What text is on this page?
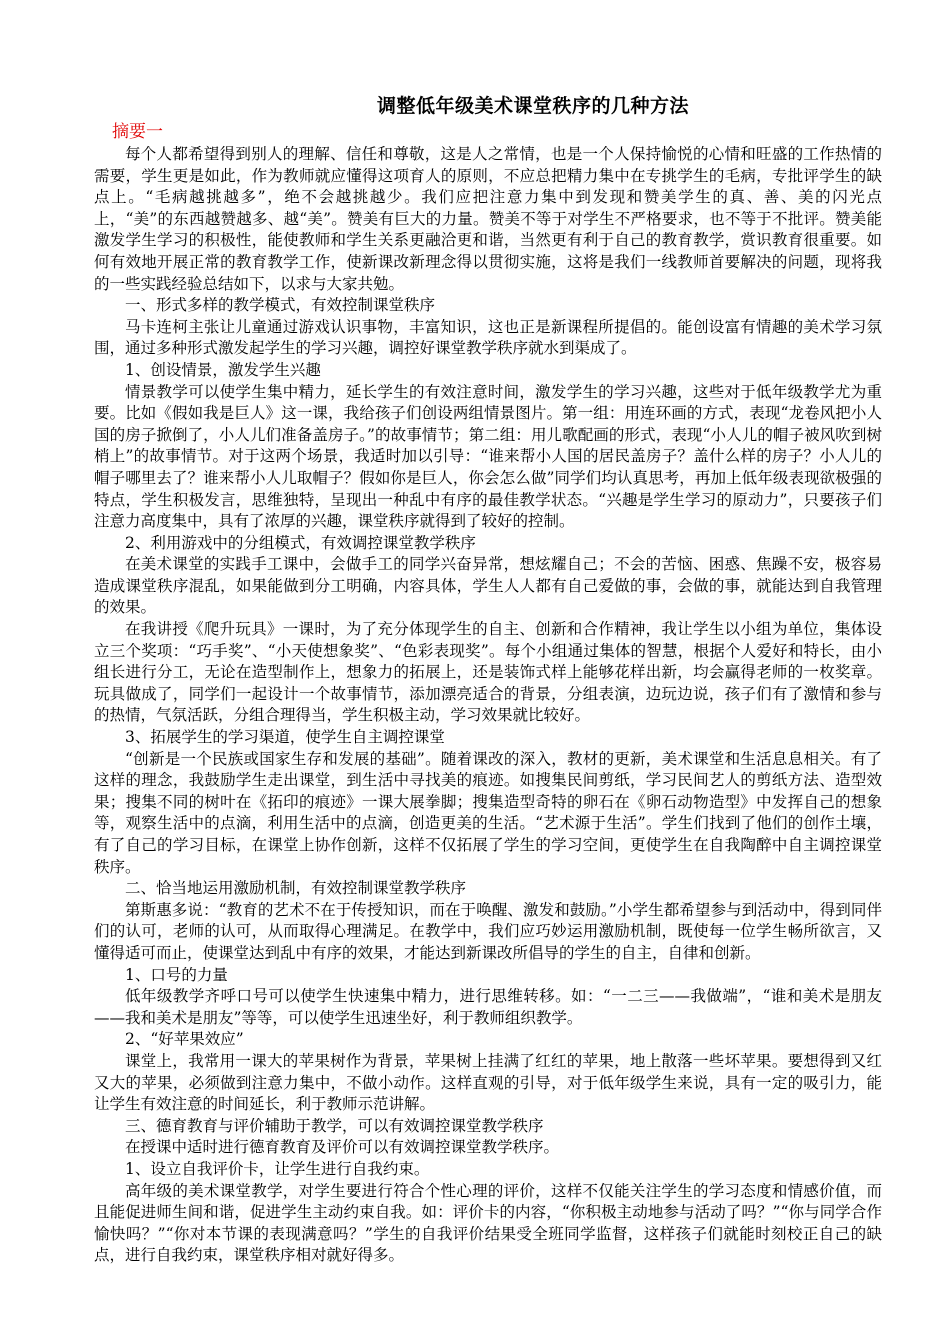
调整低年级美术课堂秩序的几种方法
摘要一

每个人都希望得到别人的理解、信任和尊敬，这是人之常情，也是一个人保持愉悦的心情和旺盛的工作热情的需要，学生更是如此，作为教师就应懂得这项育人的原则，不应总把精力集中在专挑学生的毛病，专批评学生的缺点上。“毛病越挑越多”，绝不会越挑越少。我们应把注意力集中到发现和赞美学生的真、善、美的闪光点上，“美”的东西越赞越多、越“美”。赞美有巨大的力量。赞美不等于对学生不严格要求，也不等于不批评。赞美能激发学生学习的积极性，能使教师和学生关系更融洽更和谐，当然更有利于自己的教育教学，赏识教育很重要。如何有效地开展正常的教育教学工作，使新课改新理念得以贯彻实施，这将是我们一线教师首要解决的问题，现将我的一些实践经验总结如下，以求与大家共勉。

一、形式多样的教学模式，有效控制课堂秩序

马卡连柯主张让儿童通过游戏认识事物，丰富知识，这也正是新课程所提倡的。能创设富有情趣的美术学习氛围，通过多种形式激发起学生的学习兴趣，调控好课堂教学秩序就水到渠成了。

1、创设情景，激发学生兴趣

情景教学可以使学生集中精力，延长学生的有效注意时间，激发学生的学习兴趣，这些对于低年级教学尤为重要。比如《假如我是巨人》这一课，我给孩子们创设两组情景图片。第一组：用连环画的方式，表现“龙卷风把小人国的房子掀倒了，小人儿们准备盖房子。”的故事情节；第二组：用儿歌配画的形式，表现“小人儿的帽子被风吹到树梢上”的故事情节。对于这两个场景，我适时加以引导：“谁来帮小人国的居民盖房子？盖什么样的房子？小人儿的帽子哪里去了？谁来帮小人儿取帽子？假如你是巨人，你会怎么做”同学们均认真思考，再加上低年级表现欲极强的特点，学生积极发言，思维独特，呈现出一种乱中有序的最佳教学状态。“兴趣是学生学习的原动力”，只要孩子们注意力高度集中，具有了浓厚的兴趣，课堂秩序就得到了较好的控制。

2、利用游戏中的分组模式，有效调控课堂教学秩序

在美术课堂的实践手工课中，会做手工的同学兴奋异常，想炫耀自己；不会的苦恼、困惑、焦躁不安，极容易造成课堂秩序混乱，如果能做到分工明确，内容具体，学生人人都有自己爱做的事，会做的事，就能达到自我管理的效果。

在我讲授《爬升玩具》一课时，为了充分体现学生的自主、创新和合作精神，我让学生以小组为单位，集体设立三个奖项：“巧手奖”、“小天使想象奖”、“色彩表现奖”。每个小组通过集体的智慧，根据个人爱好和特长，由小组长进行分工，无论在造型制作上，想象力的拓展上，还是装饰式样上能够花样出新，均会赢得老师的一枚奖章。玩具做成了，同学们一起设计一个故事情节，添加漂亮适合的背景，分组表演，边玩边说，孩子们有了激情和参与的热情，气氛活跃，分组合理得当，学生积极主动，学习效果就比较好。

3、拓展学生的学习渠道，使学生自主调控课堂

“创新是一个民族或国家生存和发展的基础”。随着课改的深入，教材的更新，美术课堂和生活息息相关。有了这样的理念，我鼓励学生走出课堂，到生活中寻找美的痕迹。如搜集民间剪纸，学习民间艺人的剪纸方法、造型效果；搜集不同的树叶在《拓印的痕迹》一课大展拳脚；搜集造型奇特的卵石在《卵石动物造型》中发挥自己的想象等，观察生活中的点滴，利用生活中的点滴，创造更美的生活。“艺术源于生活”。学生们找到了他们的创作土壤，有了自己的学习目标，在课堂上协作创新，这样不仅拓展了学生的学习空间，更使学生在自我陶醉中自主调控课堂秩序。

二、恰当地运用激励机制，有效控制课堂教学秩序

第斯惠多说：“教育的艺术不在于传授知识，而在于唤醒、激发和鼓励。”小学生都希望参与到活动中，得到同伴们的认可，老师的认可，从而取得心理满足。在教学中，我们应巧妙运用激励机制，既使每一位学生畅所欲言，又懂得适可而止，使课堂达到乱中有序的效果，才能达到新课改所倡导的学生的自主，自律和创新。

1、口号的力量

低年级教学齐呼口号可以使学生快速集中精力，进行思维转移。如：“一二三——我做端”，“谁和美术是朋友——我和美术是朋友”等等，可以使学生迅速坐好，利于教师组织教学。

2、“好苹果效应”

课堂上，我常用一课大的苹果树作为背景，苹果树上挂满了红红的苹果，地上散落一些坏苹果。要想得到又红又大的苹果，必须做到注意力集中，不做小动作。这样直观的引导，对于低年级学生来说，具有一定的吸引力，能让学生有效注意的时间延长，利于教师示范讲解。

三、德育教育与评价辅助于教学，可以有效调控课堂教学秩序

在授课中适时进行德育教育及评价可以有效调控课堂教学秩序。

1、设立自我评价卡，让学生进行自我约束。

高年级的美术课堂教学，对学生要进行符合个性心理的评价，这样不仅能关注学生的学习态度和情感价值，而且能促进师生间和谐，促进学生主动约束自我。如：评价卡的内容，“你积极主动地参与活动了吗？”“你与同学合作愉快吗？”“你对本节课的表现满意吗？”学生的自我评价结果受全班同学监督，这样孩子们就能时刻校正自己的缺点，进行自我约束，课堂秩序相对就好得多。
